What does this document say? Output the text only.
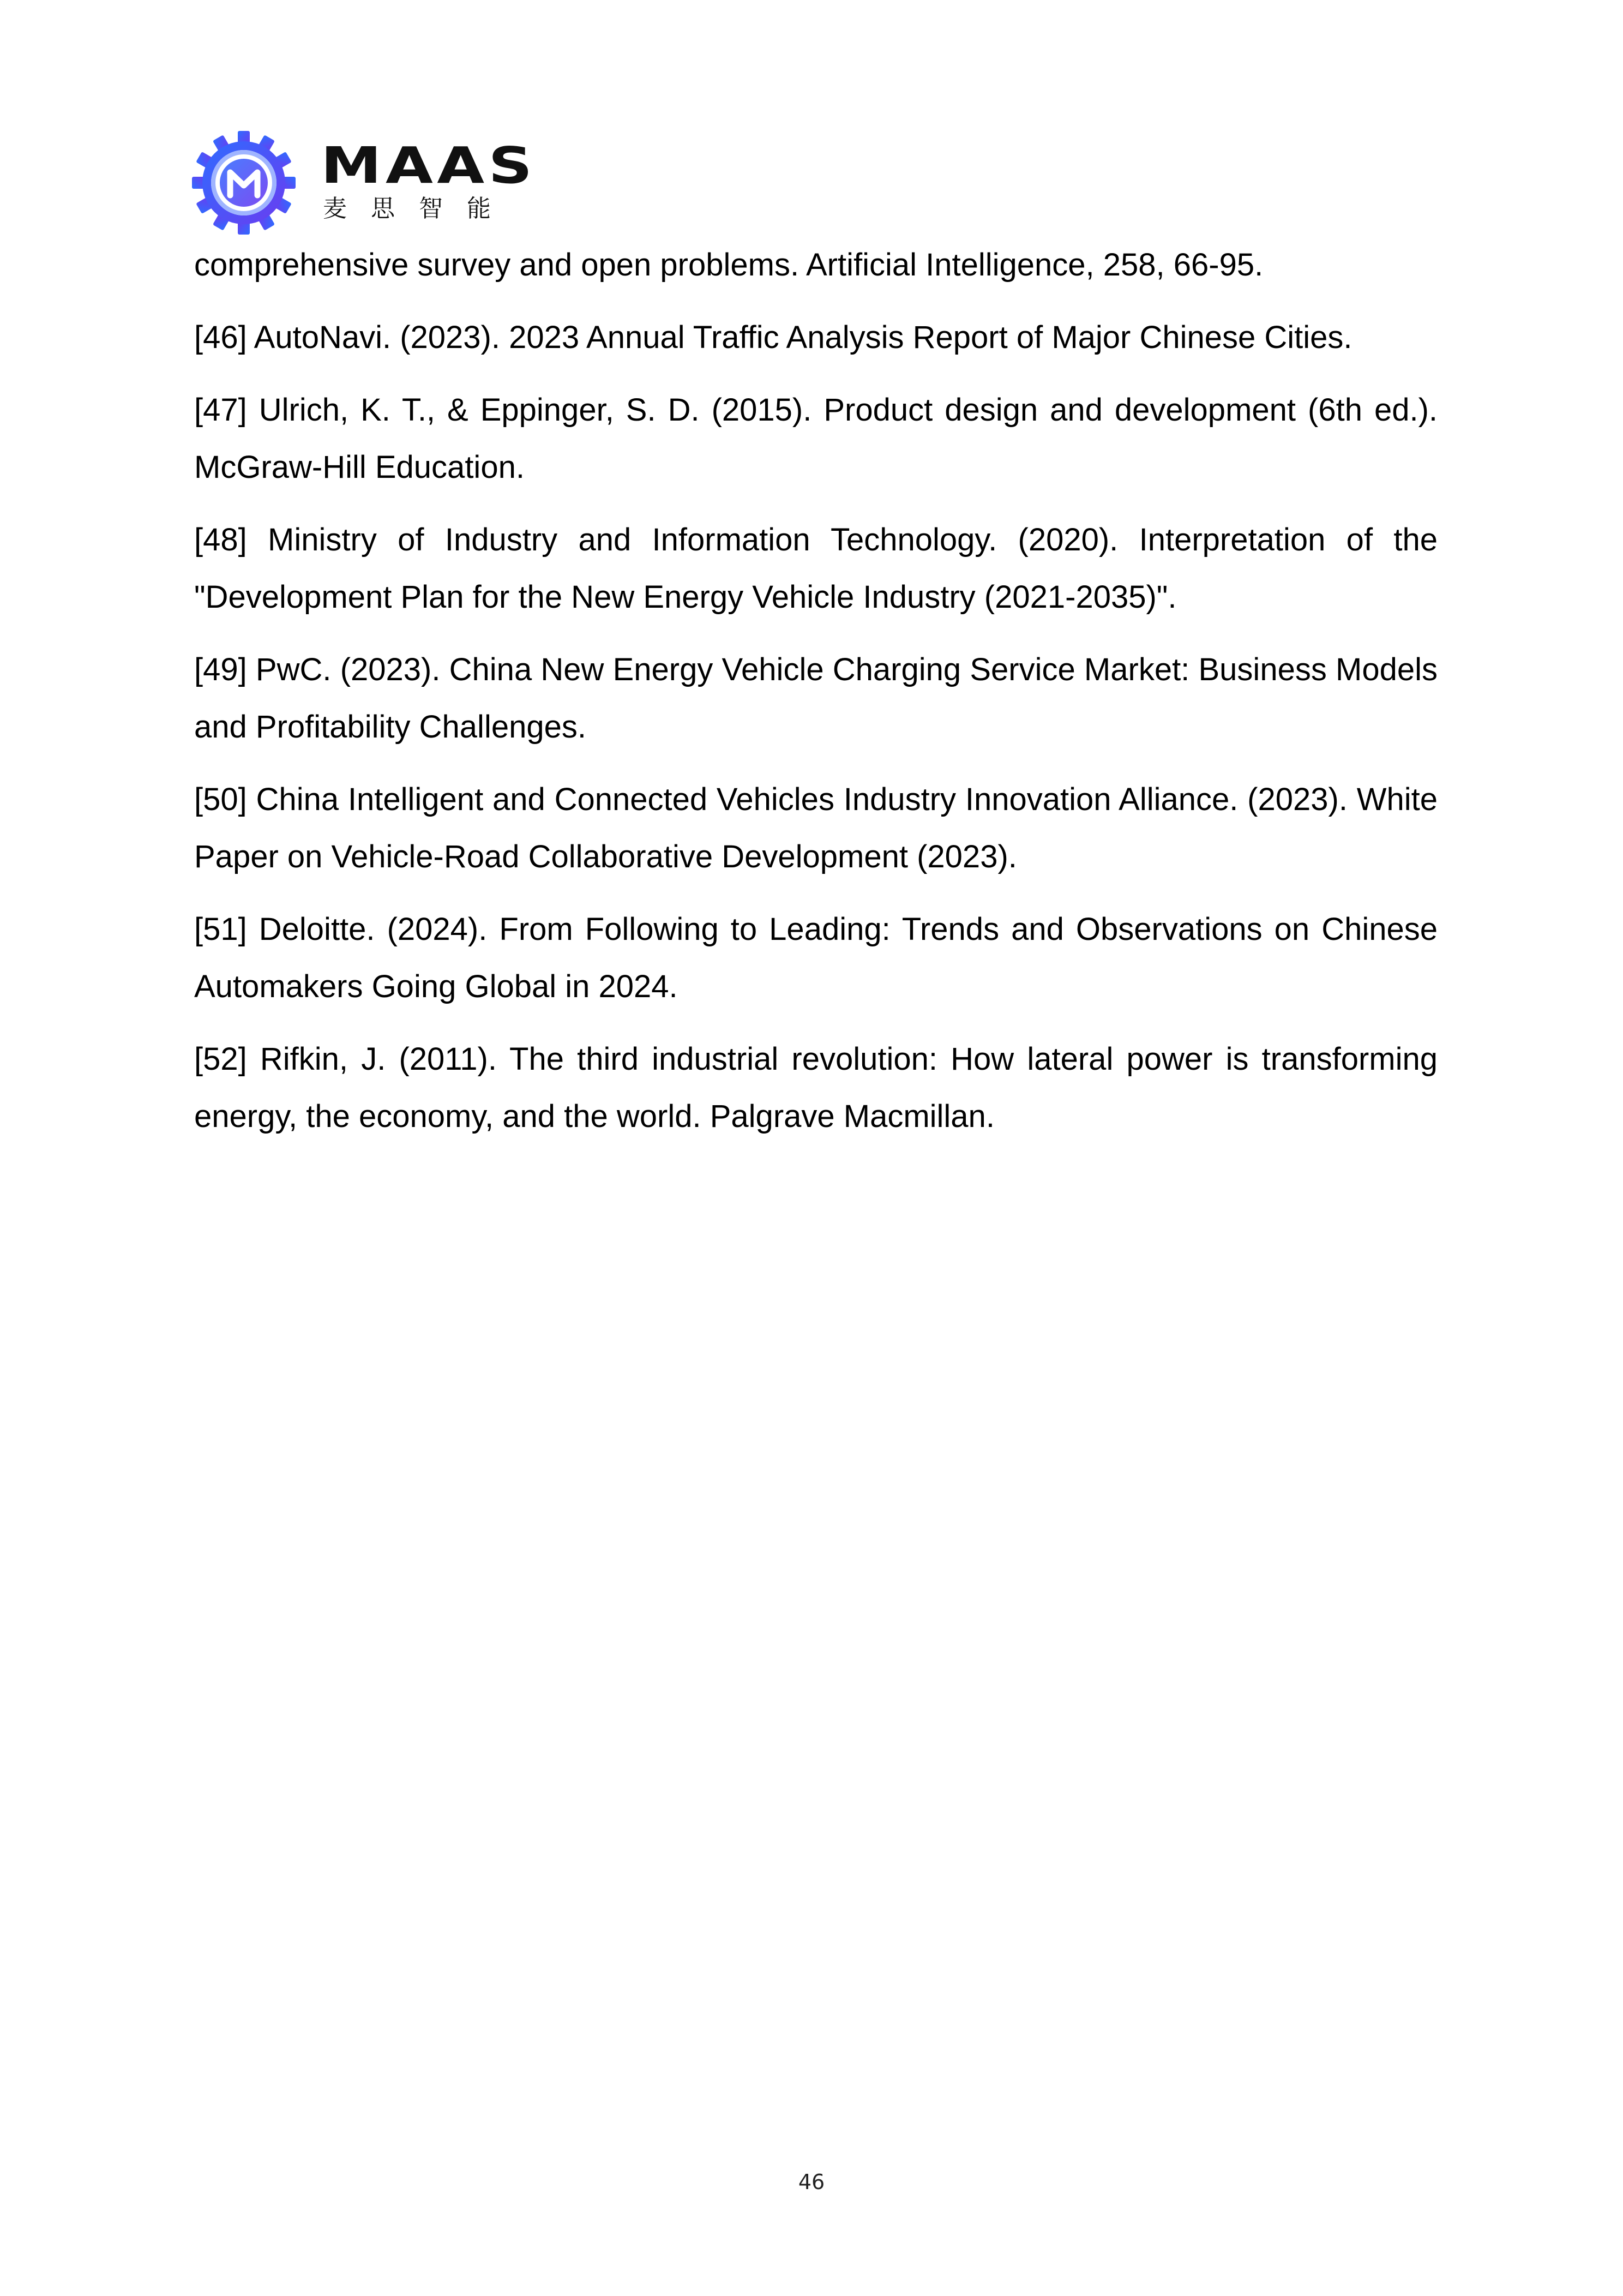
MAAS
麦思智能
comprehensive survey and open problems. Artificial Intelligence, 258, 66-95.
[46] AutoNavi. (2023). 2023 Annual Traffic Analysis Report of Major Chinese Cities.
[47] Ulrich, K. T., & Eppinger, S. D. (2015). Product design and development (6th ed.). McGraw-Hill Education.
[48] Ministry of Industry and Information Technology. (2020). Interpretation of the "Development Plan for the New Energy Vehicle Industry (2021-2035)".
[49] PwC. (2023). China New Energy Vehicle Charging Service Market: Business Models and Profitability Challenges.
[50] China Intelligent and Connected Vehicles Industry Innovation Alliance. (2023). White Paper on Vehicle-Road Collaborative Development (2023).
[51] Deloitte. (2024). From Following to Leading: Trends and Observations on Chinese Automakers Going Global in 2024.
[52] Rifkin, J. (2011). The third industrial revolution: How lateral power is transforming energy, the economy, and the world. Palgrave Macmillan.
46
